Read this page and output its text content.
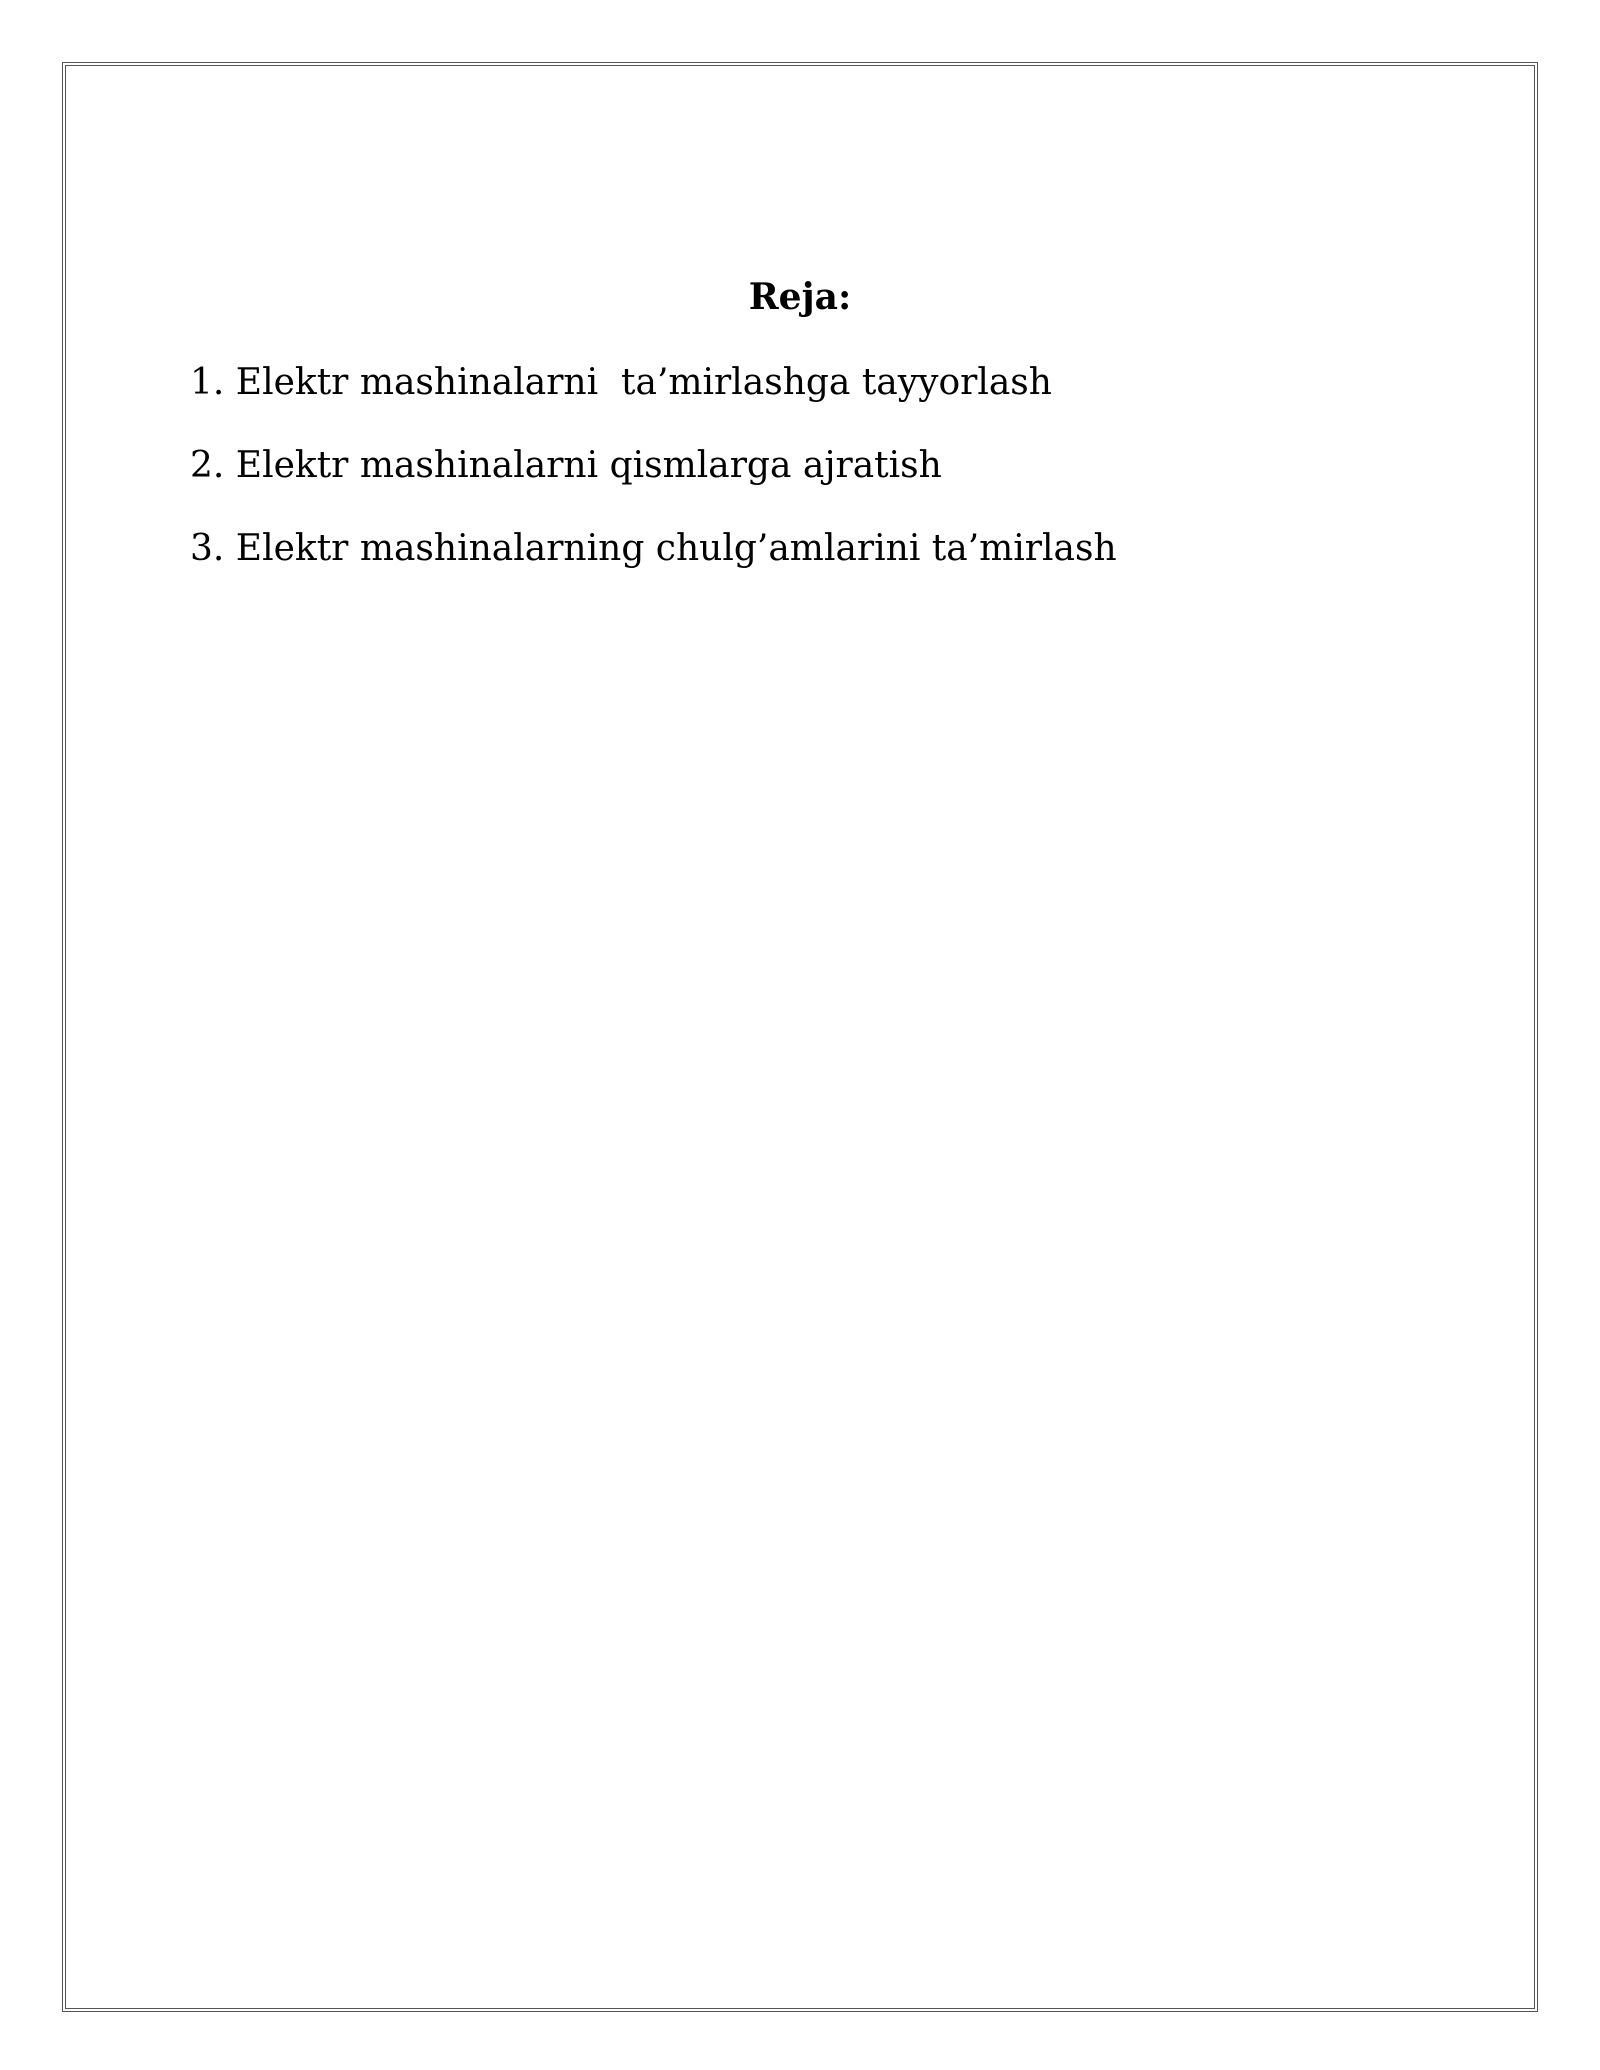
Reja:
1. Elektr mashinalarni  ta’mirlashga tayyorlash
2. Elektr mashinalarni qismlarga ajratish
3. Elektr mashinalarning chulg’amlarini ta’mirlash
